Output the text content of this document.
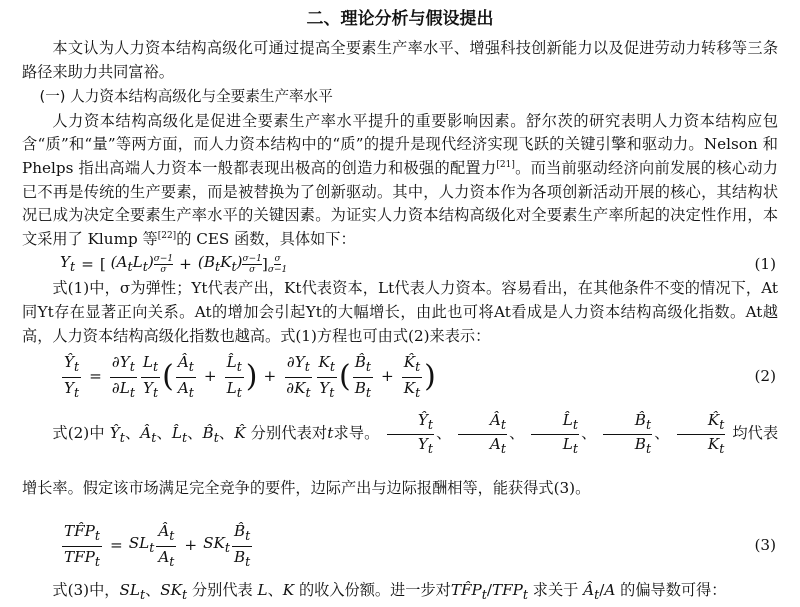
二、理论分析与假设提出

本文认为人力资本结构高级化可通过提高全要素生产率水平、增强科技创新能力以及促进劳动力转移等三条路径来助力共同富裕。

(一) 人力资本结构高级化与全要素生产率水平

人力资本结构高级化是促进全要素生产率水平提升的重要影响因素。舒尔茨的研究表明人力资本结构应包含“质”和“量”等两方面，而人力资本结构中的“质”的提升是现代经济实现飞跃的关键引擎和驱动力。Nelson 和 Phelps 指出高端人力资本一般都表现出极高的创造力和极强的配置力[21]。而当前驱动经济向前发展的核心动力已不再是传统的生产要素，而是被替换为了创新驱动。其中，人力资本作为各项创新活动开展的核心，其结构状况已成为决定全要素生产率水平的关键因素。为证实人力资本结构高级化对全要素生产率所起的决定性作用，本文采用了 Klump 等[22]的 CES 函数，具体如下：

$Y_t$ = [
$(A_tL_t) \frac{\sigma-1}{\sigma} + (B_tK_t) \frac{\sigma-1}{\sigma}$ ] $\frac{\sigma}{\sigma-1}$	(1)

式(1)中，σ为弹性；Yt代表产出，Kt代表资本，Lt代表人力资本。容易看出，在其他条件不变的情况下，At同Yt存在显著正向关系。At的增加会引起Yt的大幅增长，由此也可将At看成是人力资本结构高级化指数。At越高，人力资本结构高级化指数也越高。式(1)方程也可由式(2)来表示：

$\frac{Ŷ_t}{Y_t} = \frac{\partial Y_t}{\partial L_t} \frac{L_t}{Y_t}$ ( $\frac{Â_t}{A_t} + \frac{L̂_t}{L_t}$ ) + $\frac{\partial Y_t}{\partial K_t} \frac{K_t}{Y_t}$ ( $\frac{B̂_t}{B_t} + \frac{K̂_t}{K_t}$ )	(2)

式(2)中 $Ŷ_t$、$Â_t$、$L̂_t$、$B̂_t$、K̂ 分别代表对t求导。 $\frac{Ŷ_t}{Y_t}$ 、 $\frac{Â_t}{A_t}$ 、 $\frac{L̂_t}{L_t}$ 、 $\frac{B̂_t}{B_t}$ 、 $\frac{K̂_t}{K_t}$ 均代表增长率。假定该市场满足完全竞争的要件，边际产出与边际报酬相等，能获得式(3)。

$\frac{TF̂P_t}{TFP_t} = SL_t \frac{Â_t}{A_t} + SK_t \frac{B̂_t}{B_t}$	(3)

式(3)中，$SL_t$、$SK_t$ 分别代表 L、K 的收入份额。进一步对$TF̂P_t/TFP_t$ 求关于 $Â_t/A$ 的偏导数可得：
